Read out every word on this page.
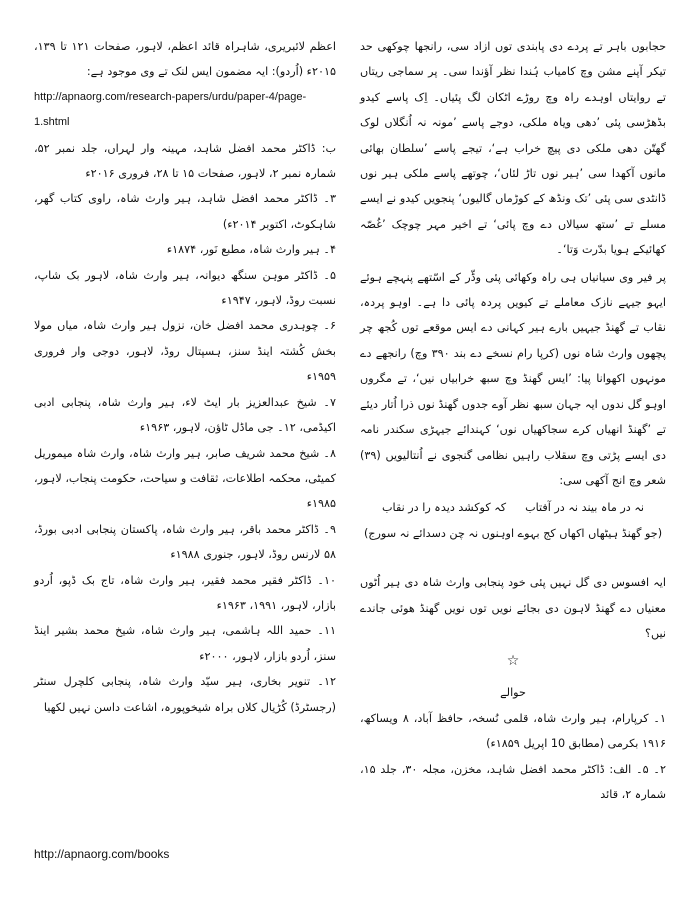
حجابوں باہر تے پردے دی پابندی توں ازاد سی، رانجھا چوکھی حد تیکر آپنے مشن وچ کامیاب ہُندا نظر آؤندا سی۔ پر سماجی ریتاں تے روایتاں اوہدے راہ وچ روڑے اٹکان لگ پئیاں۔ اِک پاسے کیدو بڈھڑسی پئی ’دھی ویاہ ملکی، دوجے پاسے ’مونہ نہ اُنگلاں لوک گھتّن دھی ملکی دی پیچ خراب ہے‘، تیجے پاسے ’سلطان بھائی مانوں آکھدا سی ’ہیر نوں تاڑ لئاں‘، چوتھے پاسے ملکی ہیر نوں ڈانٹدی سی پئی ’تک ونڈھ کے کوڑماں گالیوں‘ پنجویں کیدو نے ایسے مسلے تے ’ستھ سیالاں دے وچ پائی‘ تے اخیر مہر چوچک ’غُصّہ کھائیکے ہویا بدّرت وَتا‘۔

پر فیر وی سیانیاں ہی راہ وکھائی پئی وڈّر کے اسّتھے پنہچے ہوئے ایہو جیہے نازک معاملے تے کیویں پردہ پائی دا ہے۔ اوہو پردہ، نقاب تے گھنڈ جیہیں بارے ہیر کہانی دے ایس موقعے توں کُجھ چر پچھوں وارث شاہ نوں (کرپا رام نسخے دے بند ۳۹۰ وچ) رانجھے دے مونہوں اکھوانا پیا: ’ایس گھنڈ وچ سبھ خرابیاں نیں‘، تے مگروں اوہو گل ندوں ایہ جہان سبھ نظر آوے جدوں گھنڈ نوں ذرا اُتار دیئے تے ’گھنڈ انھیاں کرے سجاکھیاں نوں‘ کہندائے جیہڑی سکندر نامہ دی ایسے پڑتی وچ سقلاب راہیں نظامی گنجوی نے اُنتالیویں (۳۹) شعر وچ انج آکھی سی:

نہ در ماہ بیند نہ در آفتاب
کہ کوکشد دیدہ را در نقاب

(جو گھنڈ ہیٹھاں اکھاں کج بہوے اوہنوں نہ چن دسدائے نہ سورج)

ایہ افسوس دی گل نہیں پئی خود پنجابی وارث شاہ دی ہیر اُٹوں معنیاں دے گھنڈ لاہون دی بجائے نویں توں نویں گھنڈ ھوئی جاندے نیں؟

☆

حوالے

۱۔ کرپارام، ہیر وارث شاہ، قلمی نُسخہ، حافظ آباد، ۸ ویساکھ، ۱۹۱۶ بکرمی (مطابق 10 اپریل ۱۸۵۹ء)

۲۔ ۵۔ الف: ڈاکٹر محمد افضل شاہد، مخزن، مجلہ ۳۰، جلد ۱۵، شمارہ ۲، قائد

اعظم لائبریری، شاہراہ قائد اعظم، لاہور، صفحات ۱۲۱ تا ۱۳۹، ۲۰۱۵ء (اُردو): ایہ مضمون ایس لنک تے وی موجود ہے:

http://apnaorg.com/research-papers/urdu/paper-4/page-1.shtml

ب: ڈاکٹر محمد افضل شاہد، مہینہ وار لہراں، جلد نمبر ۵۲، شمارہ نمبر ۲، لاہور، صفحات ۱۵ تا ۲۸، فروری ۲۰۱۶ء

۳۔ ڈاکٹر محمد افضل شاہد، ہیر وارث شاہ، راوی کتاب گھر، شاہکوٹ، اکتوبر ۲۰۱۴ء)

۴۔ ہیر وارث شاہ، مطبع نَور، ۱۸۷۴ء

۵۔ ڈاکٹر موہن سنگھ دیوانہ، ہیر وارث شاہ، لاہور بک شاپ، نسبت روڈ، لاہور، ۱۹۴۷ء

۶۔ چوہدری محمد افضل خان، نزول ہیر وارث شاہ، میاں مولا بخش کُشتہ اینڈ سنز، ہسپتال روڈ، لاہور، دوجی وار فروری ۱۹۵۹ء

۷۔ شیخ عبدالعزیز بار ایٹ لاء، ہیر وارث شاہ، پنجابی ادبی اکیڈمی، ۱۲۔ جی ماڈل ٹاؤن، لاہور، ۱۹۶۳ء

۸۔ شیخ محمد شریف صابر، ہیر وارث شاہ، وارث شاہ میموریل کمیٹی، محکمہ اطلاعات، ثقافت و سیاحت، حکومت پنجاب، لاہور، ۱۹۸۵ء

۹۔ ڈاکٹر محمد باقر، ہیر وارث شاہ، پاکستان پنجابی ادبی بورڈ، ۵۸ لارنس روڈ، لاہور، جنوری ۱۹۸۸ء

۱۰۔ ڈاکٹر فقیر محمد فقیر، ہیر وارث شاہ، تاج بک ڈپو، اُردو بازار، لاہور، ۱۹۹۱، ۱۹۶۳ء

۱۱۔ حمید اللہ ہاشمی، ہیر وارث شاہ، شیخ محمد بشیر اینڈ سنز، اُردو بازار، لاہور، ۲۰۰۰ء

۱۲۔ تنویر بخاری، ہیر سیّد وارث شاہ، پنجابی کلچرل سنٹر (رجسٹرڈ) کُڑیال کلاں براہ شیخوپورہ، اشاعت داسن نہیں لکھیا

http://apnaorg.com/books
